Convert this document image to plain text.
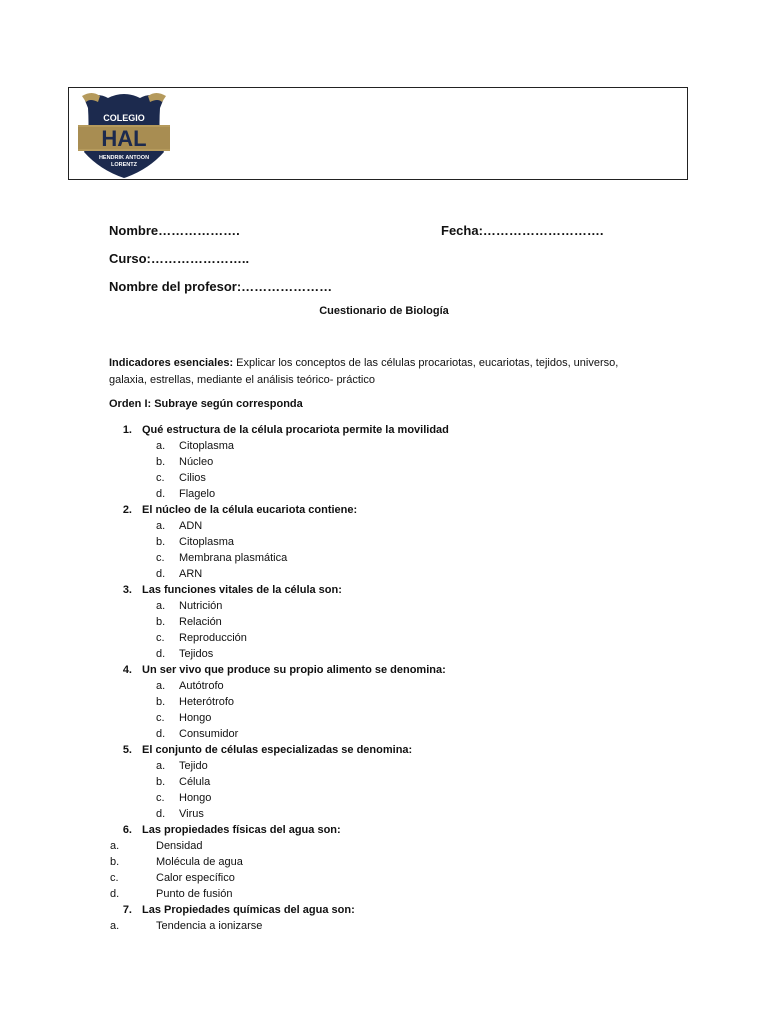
COLEGIO
HAL
HENDRIK ANTOON
LORENTZ
Nombre……………….	Fecha:……………………….
Curso:…………………..
Nombre del profesor:…………………
Cuestionario de Biología
Indicadores esenciales: Explicar los conceptos de las células procariotas, eucariotas, tejidos, universo, galaxia, estrellas, mediante el análisis teórico- práctico
Orden I: Subraye según corresponda
1. Qué estructura de la célula procariota permite la movilidad
a. Citoplasma
b. Núcleo
c. Cilios
d. Flagelo
2. El núcleo de la célula eucariota contiene:
a. ADN
b. Citoplasma
c. Membrana plasmática
d. ARN
3. Las funciones vitales de la célula son:
a. Nutrición
b. Relación
c. Reproducción
d. Tejidos
4. Un ser vivo que produce su propio alimento se denomina:
a. Autótrofo
b. Heterótrofo
c. Hongo
d. Consumidor
5. El conjunto de células especializadas se denomina:
a. Tejido
b. Célula
c. Hongo
d. Virus
6. Las propiedades físicas del agua son:
a.	Densidad
b.	Molécula de agua
c.	Calor específico
d.	Punto de fusión
7. Las Propiedades químicas del agua son:
a.	Tendencia a ionizarse
